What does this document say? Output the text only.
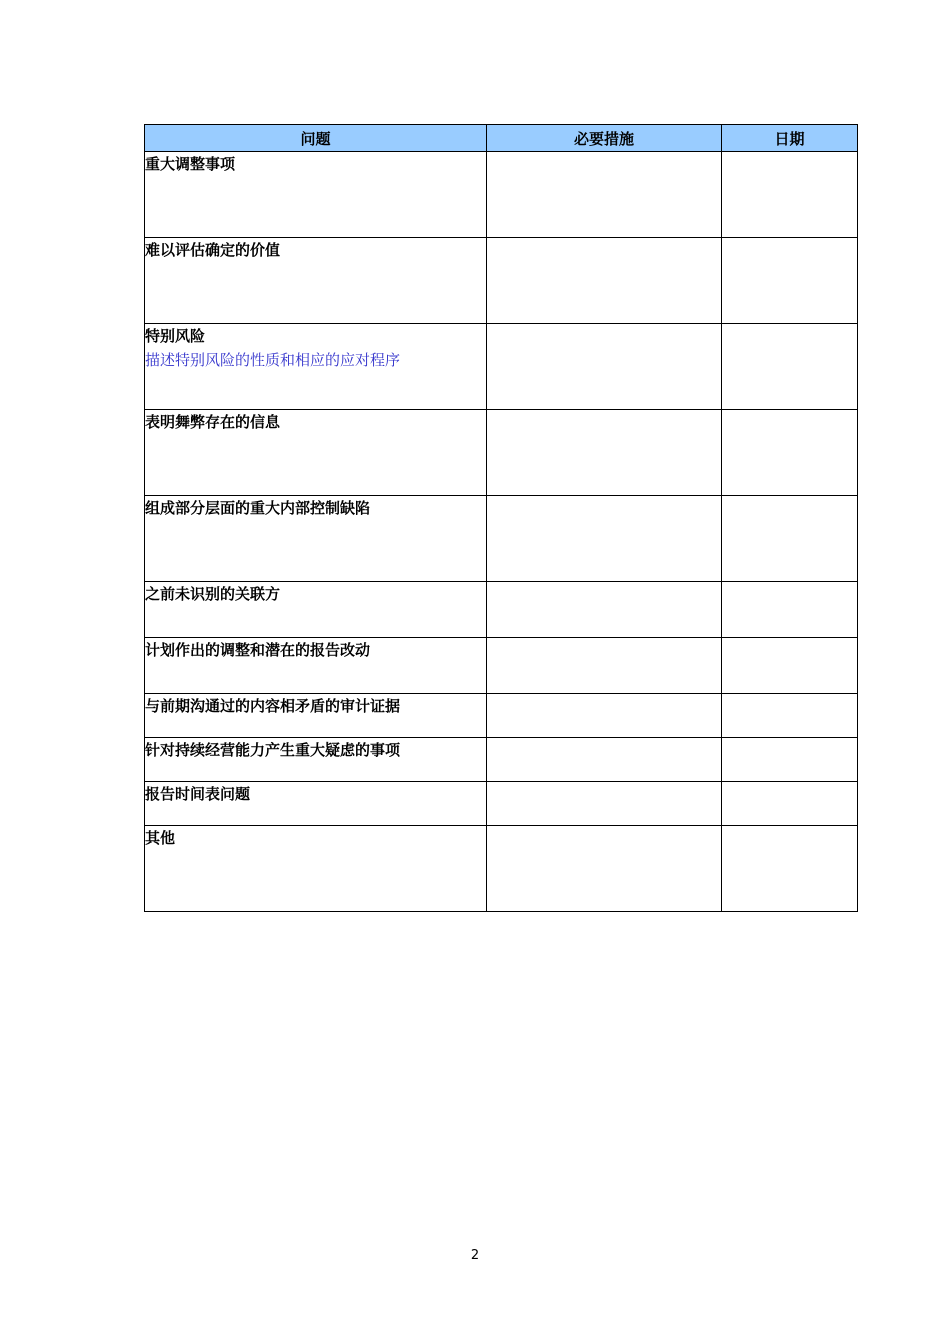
问题	必要措施	日期

重大调整事项		

难以评估确定的价值		

特别风险
描述特别风险的性质和相应的应对程序		

表明舞弊存在的信息		

组成部分层面的重大内部控制缺陷		

之前未识别的关联方		

计划作出的调整和潜在的报告改动		

与前期沟通过的内容相矛盾的审计证据		

针对持续经营能力产生重大疑虑的事项		

报告时间表问题		

其他		

2
